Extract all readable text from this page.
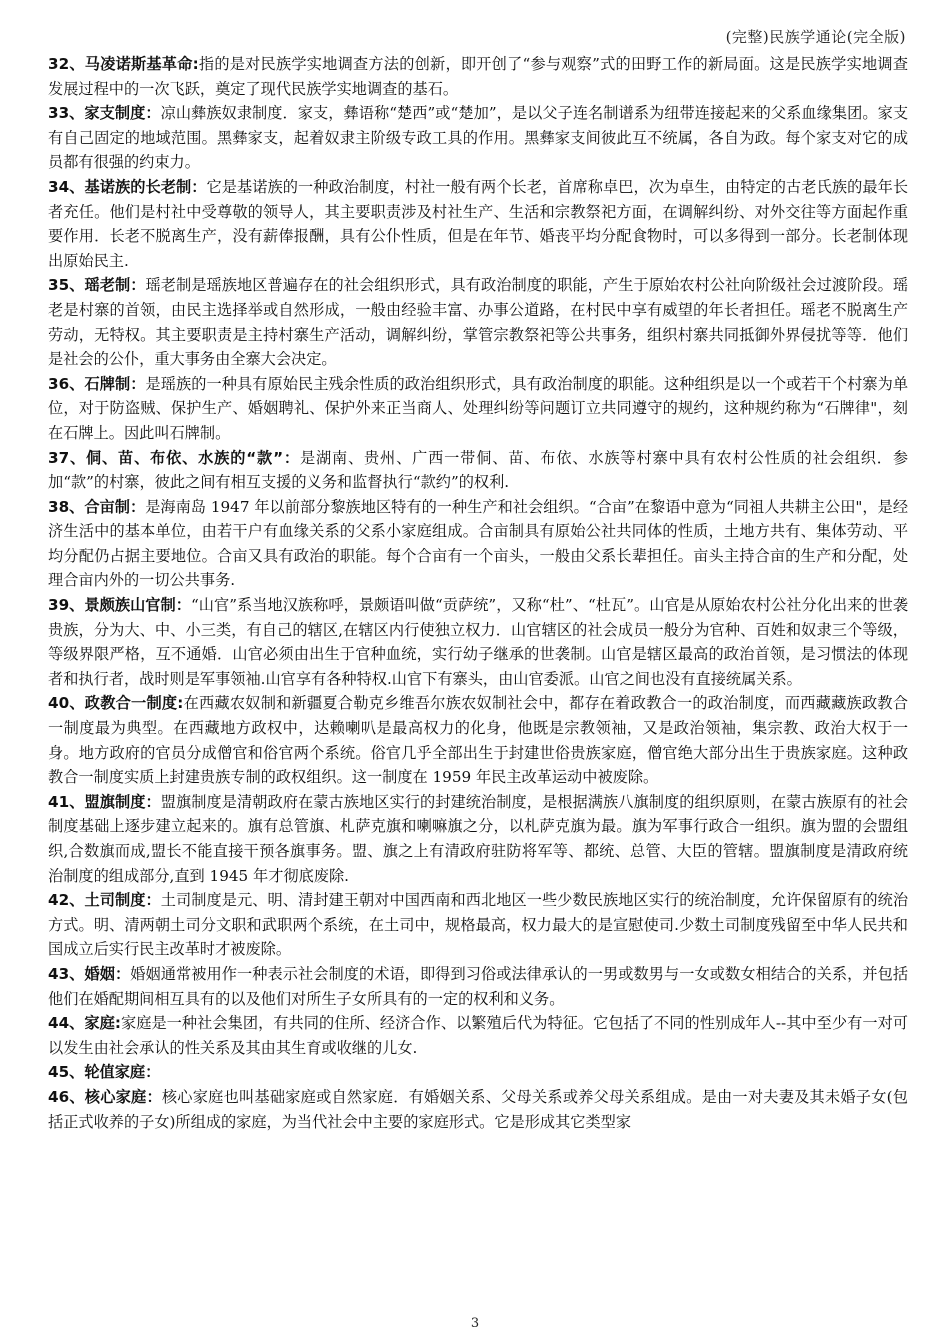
(完整)民族学通论(完全版)

32、马凌诺斯基革命:指的是对民族学实地调查方法的创新，即开创了“参与观察”式的田野工作的新局面。这是民族学实地调查发展过程中的一次飞跃，奠定了现代民族学实地调查的基石。

33、家支制度：凉山彝族奴隶制度．家支，彝语称“楚西”或“楚加”，是以父子连名制谱系为纽带连接起来的父系血缘集团。家支有自己固定的地域范围。黑彝家支，起着奴隶主阶级专政工具的作用。黑彝家支间彼此互不统属，各自为政。每个家支对它的成员都有很强的约束力。

34、基诺族的长老制：它是基诺族的一种政治制度，村社一般有两个长老，首席称卓巴，次为卓生，由特定的古老氏族的最年长者充任。他们是村社中受尊敬的领导人，其主要职责涉及村社生产、生活和宗教祭祀方面，在调解纠纷、对外交往等方面起作重要作用．长老不脱离生产，没有薪俸报酬，具有公仆性质，但是在年节、婚丧平均分配食物时，可以多得到一部分。长老制体现出原始民主.

35、瑶老制：瑶老制是瑶族地区普遍存在的社会组织形式，具有政治制度的职能，产生于原始农村公社向阶级社会过渡阶段。瑶老是村寨的首领，由民主选择举或自然形成，一般由经验丰富、办事公道路，在村民中享有威望的年长者担任。瑶老不脱离生产劳动，无特权。其主要职责是主持村寨生产活动，调解纠纷，掌管宗教祭祀等公共事务，组织村寨共同抵御外界侵扰等等．他们是社会的公仆，重大事务由全寨大会决定。

36、石牌制：是瑶族的一种具有原始民主残余性质的政治组织形式，具有政治制度的职能。这种组织是以一个或若干个村寨为单位，对于防盗贼、保护生产、婚姻聘礼、保护外来正当商人、处理纠纷等问题订立共同遵守的规约，这种规约称为“石牌律"，刻在石牌上。因此叫石牌制。

37、侗、苗、布依、水族的“款”：是湖南、贵州、广西一带侗、苗、布依、水族等村寨中具有农村公性质的社会组织．参加“款”的村寨，彼此之间有相互支援的义务和监督执行“款约”的权利.

38、合亩制：是海南岛 1947 年以前部分黎族地区特有的一种生产和社会组织。“合亩”在黎语中意为“同祖人共耕主公田"，是经济生活中的基本单位，由若干户有血缘关系的父系小家庭组成。合亩制具有原始公社共同体的性质，土地方共有、集体劳动、平均分配仍占据主要地位。合亩又具有政治的职能。每个合亩有一个亩头，一般由父系长辈担任。亩头主持合亩的生产和分配，处理合亩内外的一切公共事务.

39、景颇族山官制：“山官”系当地汉族称呼，景颇语叫做“贡萨统”，又称“杜”、“杜瓦”。山官是从原始农村公社分化出来的世袭贵族，分为大、中、小三类，有自己的辖区,在辖区内行使独立权力．山官辖区的社会成员一般分为官种、百姓和奴隶三个等级，等级界限严格，互不通婚．山官必须由出生于官种血统，实行幼子继承的世袭制。山官是辖区最高的政治首领，是习惯法的体现者和执行者，战时则是军事领袖.山官享有各种特权.山官下有寨头，由山官委派。山官之间也没有直接统属关系。

40、政教合一制度:在西藏农奴制和新疆夏合勒克乡维吾尔族农奴制社会中，都存在着政教合一的政治制度，而西藏藏族政教合一制度最为典型。在西藏地方政权中，达赖喇叭是最高权力的化身，他既是宗教领袖，又是政治领袖，集宗教、政治大权于一身。地方政府的官员分成僧官和俗官两个系统。俗官几乎全部出生于封建世俗贵族家庭，僧官绝大部分出生于贵族家庭。这种政教合一制度实质上封建贵族专制的政权组织。这一制度在 1959 年民主改革运动中被废除。

41、盟旗制度：盟旗制度是清朝政府在蒙古族地区实行的封建统治制度，是根据满族八旗制度的组织原则，在蒙古族原有的社会制度基础上逐步建立起来的。旗有总管旗、札萨克旗和喇嘛旗之分，以札萨克旗为最。旗为军事行政合一组织。旗为盟的会盟组织,合数旗而成,盟长不能直接干预各旗事务。盟、旗之上有清政府驻防将军等、都统、总管、大臣的管辖。盟旗制度是清政府统治制度的组成部分,直到 1945 年才彻底废除.

42、土司制度：土司制度是元、明、清封建王朝对中国西南和西北地区一些少数民族地区实行的统治制度，允许保留原有的统治方式。明、清两朝土司分文职和武职两个系统，在土司中，规格最高，权力最大的是宣慰使司.少数土司制度残留至中华人民共和国成立后实行民主改革时才被废除。

43、婚姻：婚姻通常被用作一种表示社会制度的术语，即得到习俗或法律承认的一男或数男与一女或数女相结合的关系，并包括他们在婚配期间相互具有的以及他们对所生子女所具有的一定的权利和义务。

44、家庭:家庭是一种社会集团，有共同的住所、经济合作、以繁殖后代为特征。它包括了不同的性别成年人--其中至少有一对可以发生由社会承认的性关系及其由其生育或收继的儿女.

45、轮值家庭：

46、核心家庭：核心家庭也叫基础家庭或自然家庭．有婚姻关系、父母关系或养父母关系组成。是由一对夫妻及其未婚子女(包括正式收养的子女)所组成的家庭，为当代社会中主要的家庭形式。它是形成其它类型家

3
